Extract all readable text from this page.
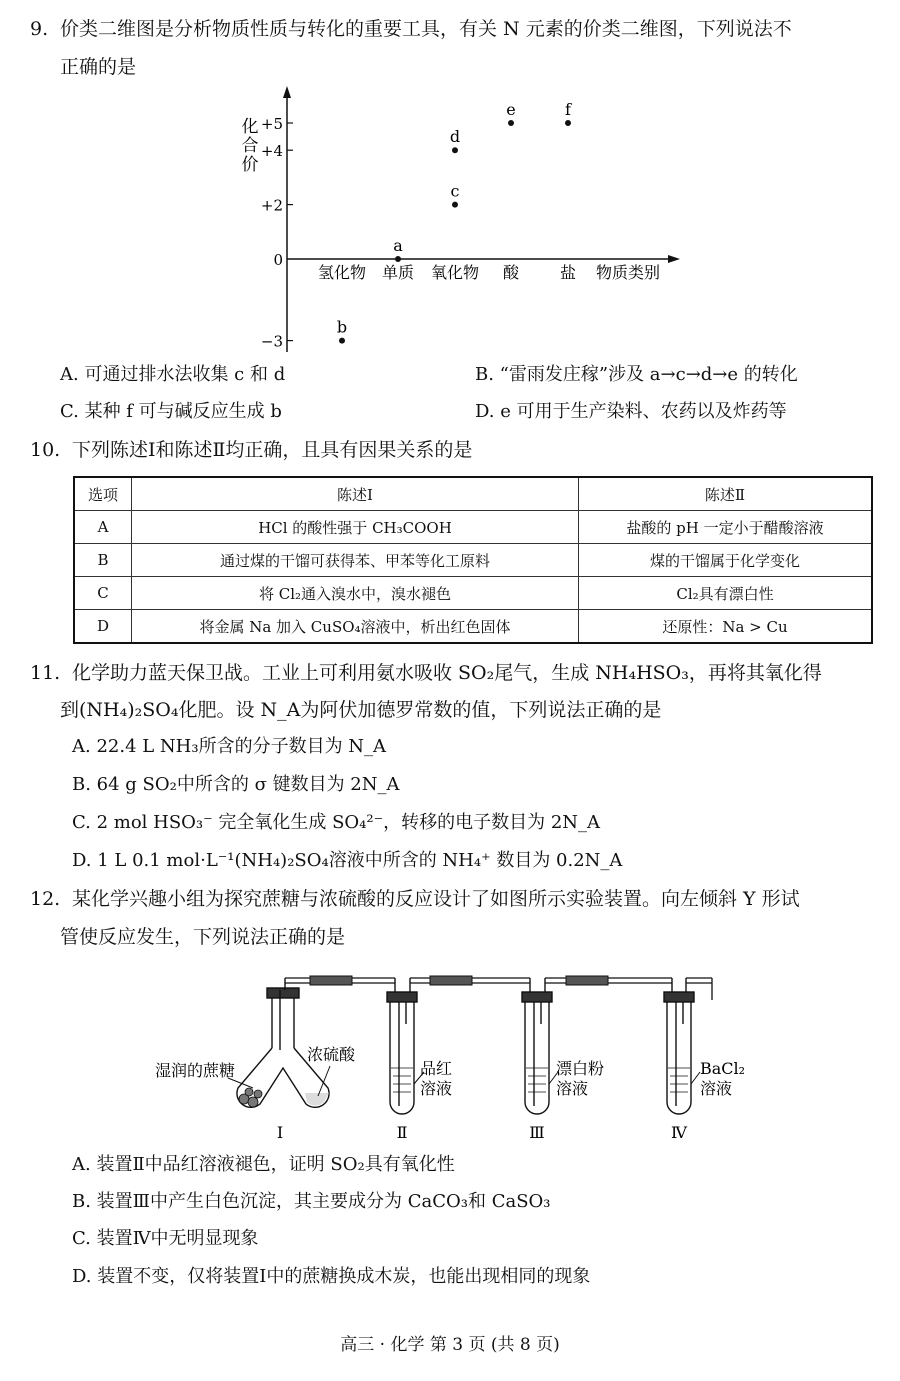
9. 价类二维图是分析物质性质与转化的重要工具，有关 N 元素的价类二维图，下列说法不
正确的是
+5
+4
+2
0
−3
化
合
价
氢化物 单质 氧化物 酸	盐 物质类别
a
b
c
d
e	f
A. 可通过排水法收集 c 和 d	B. “雷雨发庄稼”涉及 a→c→d→e 的转化
C. 某种 f 可与碱反应生成 b	D. e 可用于生产染料、农药以及炸药等
10. 下列陈述Ⅰ和陈述Ⅱ均正确，且具有因果关系的是
选项	陈述Ⅰ	陈述Ⅱ
A	HCl 的酸性强于 CH₃COOH	盐酸的 pH 一定小于醋酸溶液
B	通过煤的干馏可获得苯、甲苯等化工原料	煤的干馏属于化学变化
C	将 Cl₂通入溴水中，溴水褪色	Cl₂具有漂白性
D	将金属 Na 加入 CuSO₄溶液中，析出红色固体	还原性：Na > Cu
11. 化学助力蓝天保卫战。工业上可利用氨水吸收 SO₂尾气，生成 NH₄HSO₃，再将其氧化得
到(NH₄)₂SO₄化肥。设 N_A为阿伏加德罗常数的值，下列说法正确的是
A. 22.4 L NH₃所含的分子数目为 N_A
B. 64 g SO₂中所含的 σ 键数目为 2N_A
C. 2 mol HSO₃⁻ 完全氧化生成 SO₄²⁻，转移的电子数目为 2N_A
D. 1 L 0.1 mol·L⁻¹(NH₄)₂SO₄溶液中所含的 NH₄⁺ 数目为 0.2N_A
12. 某化学兴趣小组为探究蔗糖与浓硫酸的反应设计了如图所示实验装置。向左倾斜 Y 形试
管使反应发生，下列说法正确的是
湿润的蔗糖
浓硫酸
品红
溶液
漂白粉
溶液
BaCl₂
溶液
Ⅰ	Ⅱ	Ⅲ	Ⅳ
A. 装置Ⅱ中品红溶液褪色，证明 SO₂具有氧化性
B. 装置Ⅲ中产生白色沉淀，其主要成分为 CaCO₃和 CaSO₃
C. 装置Ⅳ中无明显现象
D. 装置不变，仅将装置Ⅰ中的蔗糖换成木炭，也能出现相同的现象
高三 · 化学 第 3 页 (共 8 页)
